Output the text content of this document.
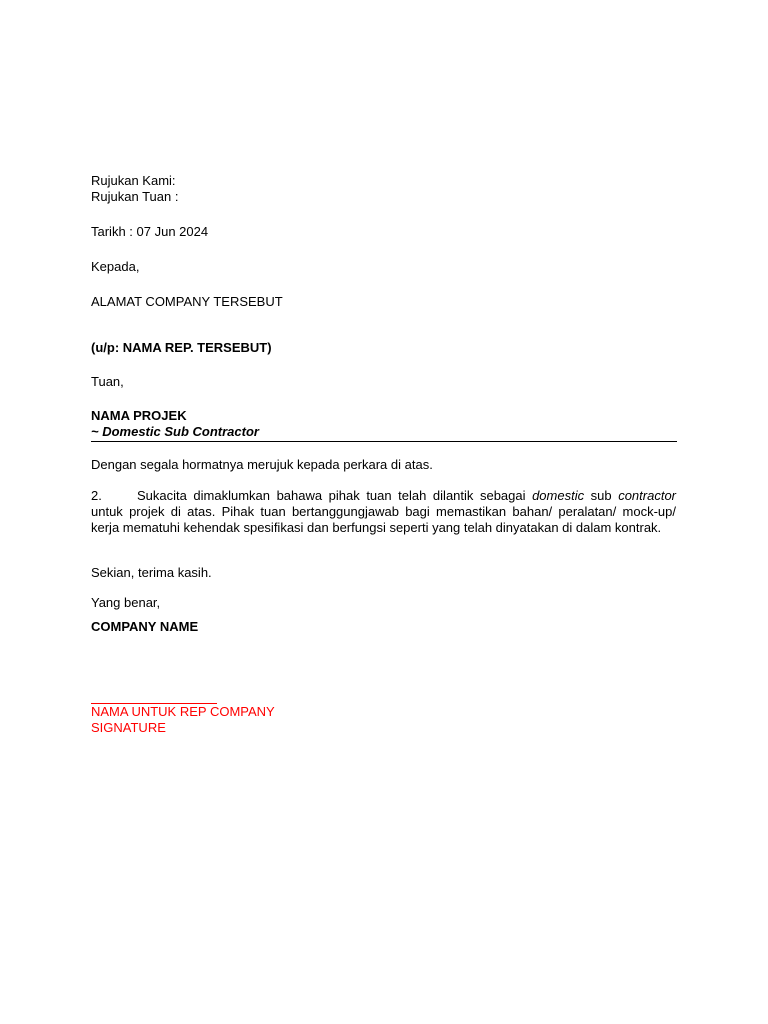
Rujukan Kami:
Rujukan Tuan :
Tarikh : 07 Jun 2024
Kepada,
ALAMAT COMPANY TERSEBUT
(u/p: NAMA REP. TERSEBUT)
Tuan,
NAMA PROJEK
~ Domestic Sub Contractor
Dengan segala hormatnya merujuk kepada perkara di atas.
2.	Sukacita dimaklumkan bahawa pihak tuan telah dilantik sebagai domestic sub contractor untuk projek di atas. Pihak tuan bertanggungjawab bagi memastikan bahan/ peralatan/ mock-up/ kerja mematuhi kehendak spesifikasi dan berfungsi seperti yang telah dinyatakan di dalam kontrak.
Sekian, terima kasih.
Yang benar,
COMPANY NAME
NAMA UNTUK REP COMPANY
SIGNATURE
